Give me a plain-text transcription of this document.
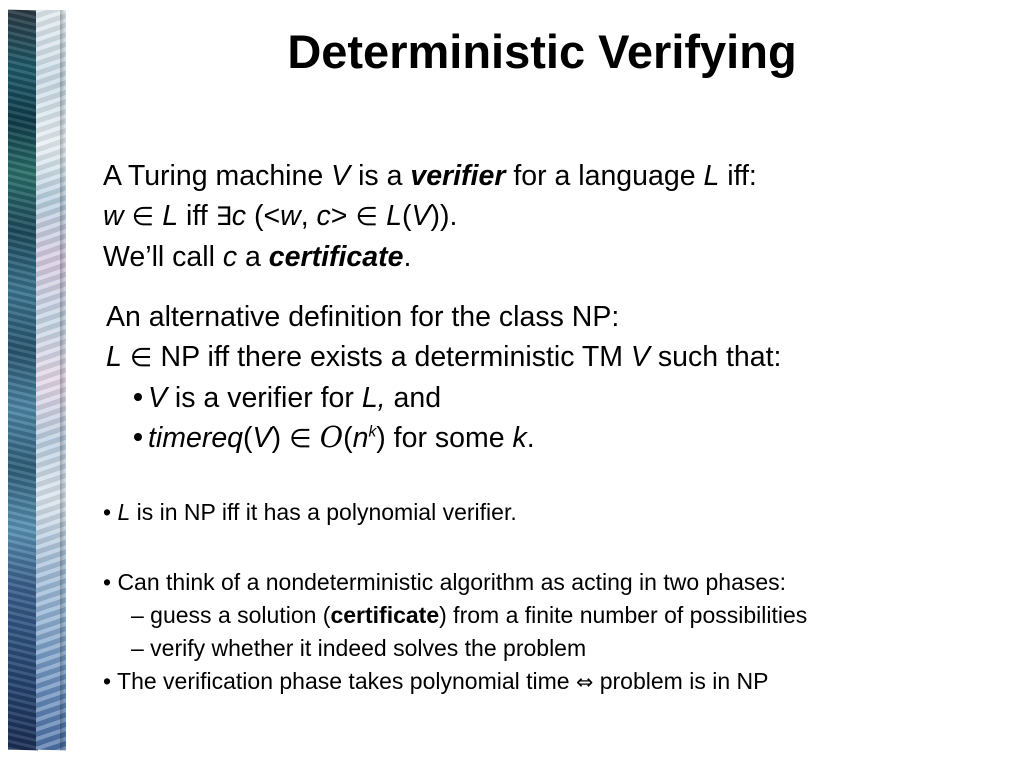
Deterministic Verifying
A Turing machine V is a verifier for a language L iff:
w ∈ L iff ∃c (<w, c> ∈ L(V)).
We’ll call c a certificate.
An alternative definition for the class NP:
L ∈ NP iff there exists a deterministic TM V such that:
V is a verifier for L, and
timereq(V) ∈ $O(n^k)$ for some k.
• L is in NP iff it has a polynomial verifier.
• Can think of a nondeterministic algorithm as acting in two phases:
– guess a solution (certificate) from a finite number of possibilities
– verify whether it indeed solves the problem
• The verification phase takes polynomial time ⇔ problem is in NP
